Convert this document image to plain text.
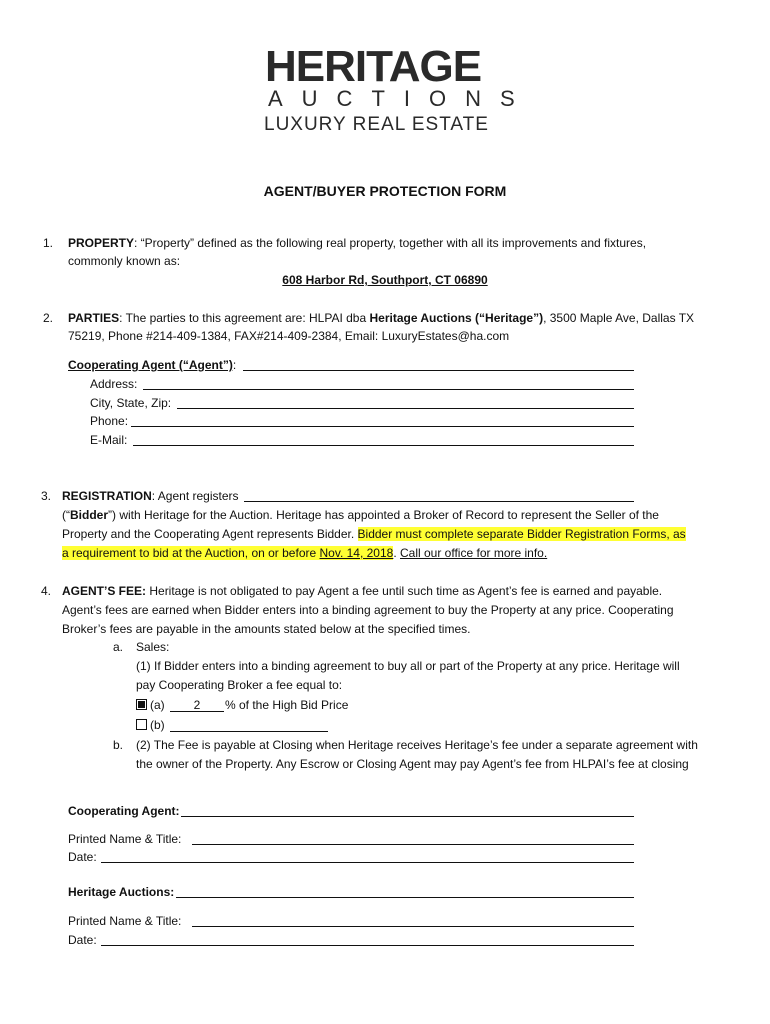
HERITAGE
AUCTIONS
LUXURY REAL ESTATE
AGENT/BUYER PROTECTION FORM
1. PROPERTY: “Property” defined as the following real property, together with all its improvements and fixtures,
commonly known as:
608 Harbor Rd, Southport, CT 06890
2. PARTIES: The parties to this agreement are: HLPAI dba Heritage Auctions (“Heritage”), 3500 Maple Ave, Dallas TX
75219, Phone #214-409-1384, FAX#214-409-2384, Email: LuxuryEstates@ha.com
Cooperating Agent (“Agent”):
Address:
City, State, Zip:
Phone:
E-Mail:
3. REGISTRATION: Agent registers
(“Bidder”) with Heritage for the Auction. Heritage has appointed a Broker of Record to represent the Seller of the
Property and the Cooperating Agent represents Bidder. Bidder must complete separate Bidder Registration Forms, as
a requirement to bid at the Auction, on or before Nov. 14, 2018. Call our office for more info.
4. AGENT’S FEE: Heritage is not obligated to pay Agent a fee until such time as Agent’s fee is earned and payable.
Agent’s fees are earned when Bidder enters into a binding agreement to buy the Property at any price. Cooperating
Broker’s fees are payable in the amounts stated below at the specified times.
a. Sales:
(1) If Bidder enters into a binding agreement to buy all or part of the Property at any price. Heritage will
pay Cooperating Broker a fee equal to:
(a)	2	% of the High Bid Price
(b)
b. (2) The Fee is payable at Closing when Heritage receives Heritage’s fee under a separate agreement with
the owner of the Property. Any Escrow or Closing Agent may pay Agent’s fee from HLPAI’s fee at closing
Cooperating Agent:
Printed Name & Title:
Date:
Heritage Auctions:
Printed Name & Title:
Date:
